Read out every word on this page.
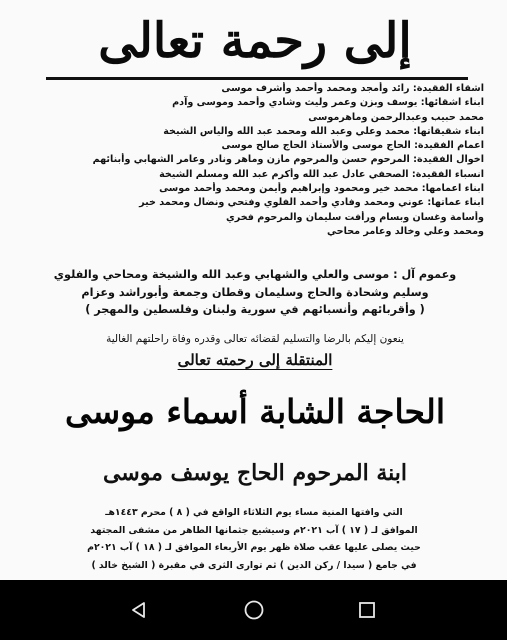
إلى رحمة تعالى
اشقاء الفقيدة: رائد وأمجد ومحمد وأحمد وأشرف موسى
ابناء اشقائها: يوسف وبزن وعمر وليث وشادي وأحمد وموسى وآدم
محمد حبيب وعبدالرحمن وماهرموسى
ابناء شقيقاتها: محمد وعلي وعبد الله ومحمد عبد الله والياس الشيخة
اعمام الفقيدة: الحاج موسى والأستاذ الحاج صالح موسى
اخوال الفقيدة: المرحوم حسن والمرحوم مازن وماهر ونادر وعامر الشهابي وأبنائهم
انسباء الفقيدة: الصحفي عادل عبد الله وأكرم عبد الله ومسلم الشيخة
ابناء اعمامها: محمد خير ومحمود وإبراهيم وأيمن ومحمد وأحمد موسى
ابناء عماتها: عوني ومحمد وفادي وأحمد الفلوي وفتحي ونضال ومحمد خير
وأسامة وغسان وبسام ورأفت سليمان والمرحوم فخري
ومحمد وعلي وخالد وعامر محاحي
وعموم آل : موسى والعلي والشهابي وعبد الله والشيخة ومحاحي والفلوي
وسليم وشحادة والحاج وسليمان وقطان وجمعة وأبوراشد وعزام
( وأقربائهم وأنسبائهم في سورية ولبنان وفلسطين والمهجر )
ينعون إليكم بالرضا والتسليم لقضائه تعالى وقدره وفاة راحلتهم الغالية
المنتقلة إلى رحمته تعالى
الحاجة الشابة أسماء موسى
ابنة المرحوم الحاج يوسف موسى
التي وافتها المنية مساء يوم الثلاثاء الواقع في ( ٨ ) محرم ١٤٤٣هـ
الموافق لـ ( ١٧ ) آب ٢٠٢١م وسيشيع جثمانها الطاهر من مشفى المجتهد
حيث يصلى عليها عقب صلاة ظهر يوم الأربعاء الموافق لـ ( ١٨ ) آب ٢٠٢١م
في جامع ( سيدا / ركن الدين ) ثم توارى الثرى في مقبرة ( الشيخ خالد )
